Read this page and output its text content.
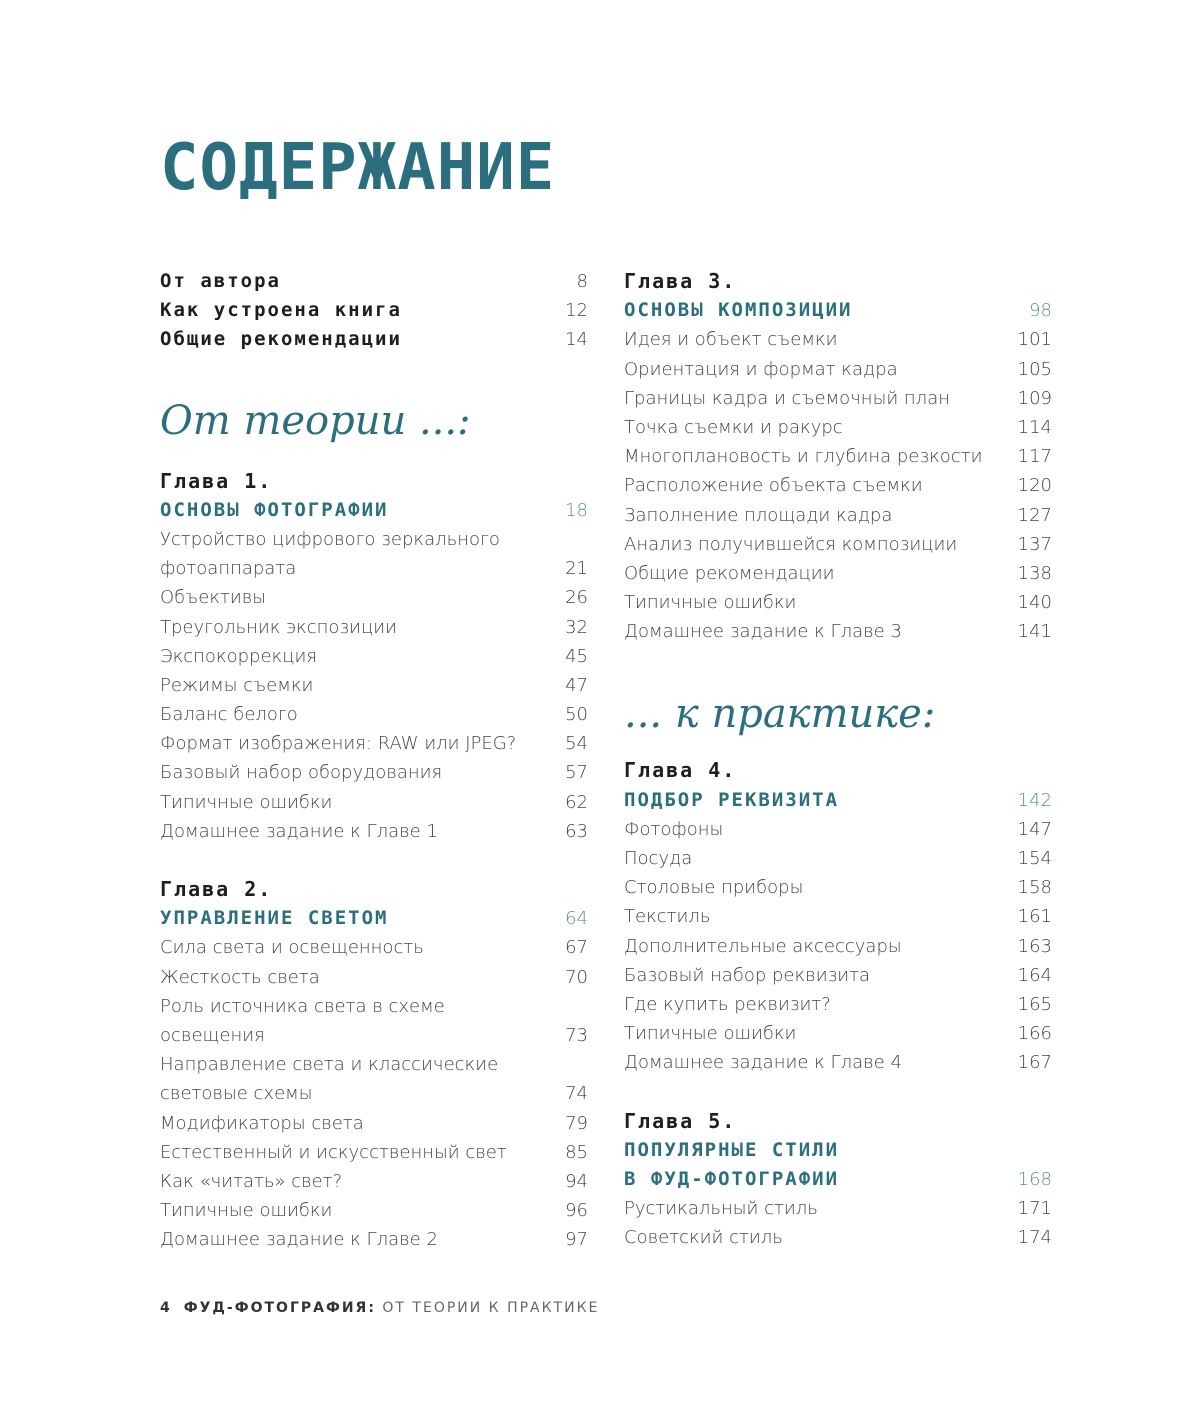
СОДЕРЖАНИЕ
От автора	8
Как устроена книга	12
Общие рекомендации	14
От теории ...:
Глава 1.
ОСНОВЫ ФОТОГРАФИИ	18
Устройство цифрового зеркального
фотоаппарата	21
Объективы	26
Треугольник экспозиции	32
Экспокоррекция	45
Режимы съемки	47
Баланс белого	50
Формат изображения: RAW или JPEG?	54
Базовый набор оборудования	57
Типичные ошибки	62
Домашнее задание к Главе 1	63
Глава 2.
УПРАВЛЕНИЕ СВЕТОМ	64
Сила света и освещенность	67
Жесткость света	70
Роль источника света в схеме
освещения	73
Направление света и классические
световые схемы	74
Модификаторы света	79
Естественный и искусственный свет	85
Как «читать» свет?	94
Типичные ошибки	96
Домашнее задание к Главе 2	97
Глава 3.
ОСНОВЫ КОМПОЗИЦИИ	98
Идея и объект съемки	101
Ориентация и формат кадра	105
Границы кадра и съемочный план	109
Точка съемки и ракурс	114
Многоплановость и глубина резкости 117
Расположение объекта съемки	120
Заполнение площади кадра	127
Анализ получившейся композиции	137
Общие рекомендации	138
Типичные ошибки	140
Домашнее задание к Главе 3	141
... к практике:
Глава 4.
ПОДБОР РЕКВИЗИТА	142
Фотофоны	147
Посуда	154
Столовые приборы	158
Текстиль	161
Дополнительные аксессуары	163
Базовый набор реквизита	164
Где купить реквизит?	165
Типичные ошибки	166
Домашнее задание к Главе 4	167
Глава 5.
ПОПУЛЯРНЫЕ СТИЛИ
В ФУД-ФОТОГРАФИИ	168
Рустикальный стиль	171
Советский стиль	174
4 ФУД-ФОТОГРАФИЯ: ОТ ТЕОРИИ К ПРАКТИКЕ
